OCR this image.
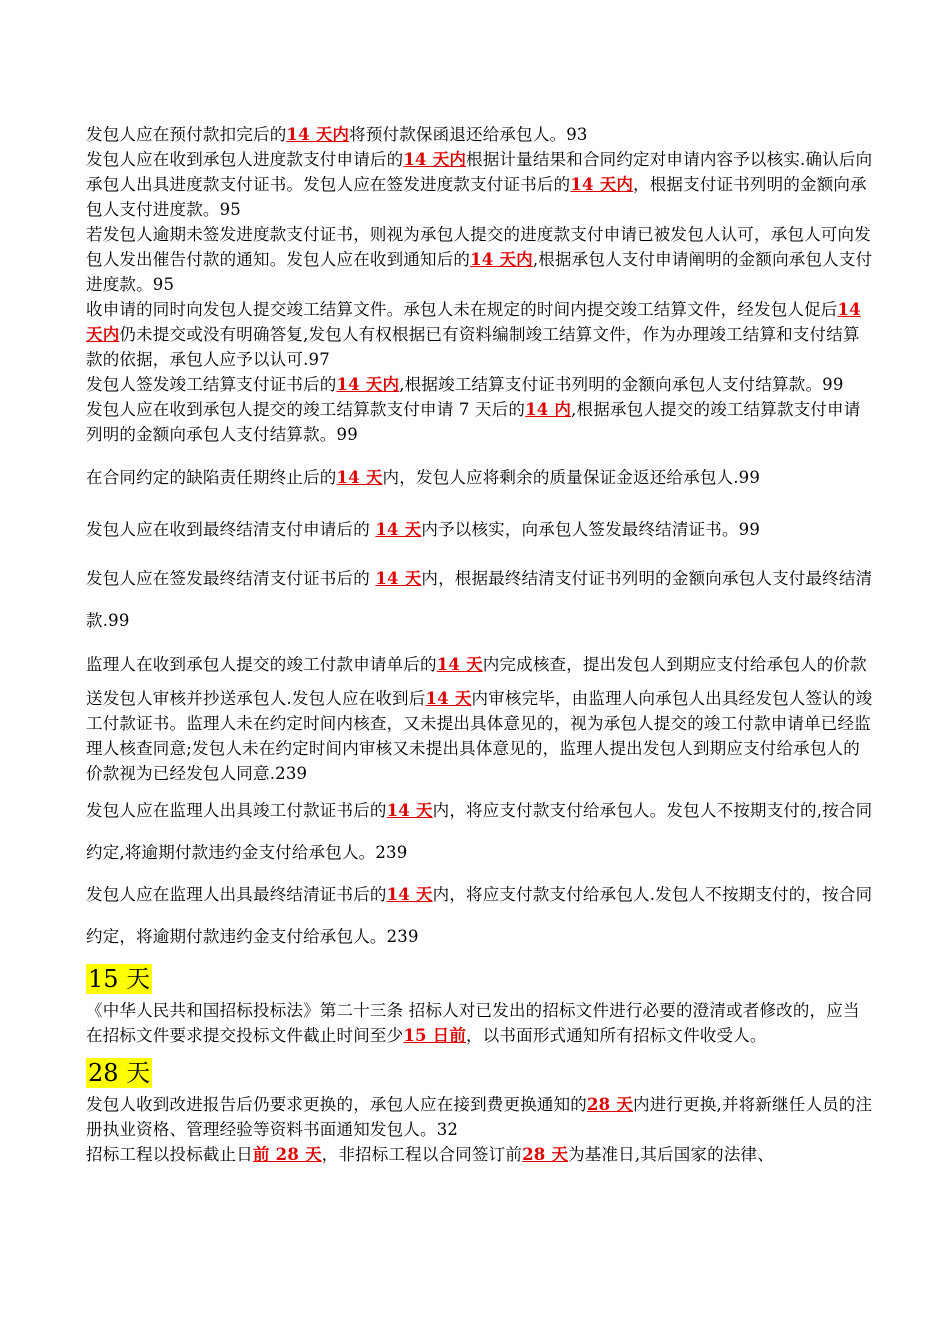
发包人应在预付款扣完后的14 天内将预付款保函退还给承包人。93

发包人应在收到承包人进度款支付申请后的14 天内根据计量结果和合同约定对申请内容予以核实.确认后向承包人出具进度款支付证书。发包人应在签发进度款支付证书后的14 天内，根据支付证书列明的金额向承包人支付进度款。95

若发包人逾期未签发进度款支付证书，则视为承包人提交的进度款支付申请已被发包人认可，承包人可向发包人发出催告付款的通知。发包人应在收到通知后的14 天内,根据承包人支付申请阐明的金额向承包人支付进度款。95

收申请的同时向发包人提交竣工结算文件。承包人未在规定的时间内提交竣工结算文件，经发包人促后14 天内仍未提交或没有明确答复,发包人有权根据已有资料编制竣工结算文件，作为办理竣工结算和支付结算款的依据，承包人应予以认可.97

发包人签发竣工结算支付证书后的14 天内,根据竣工结算支付证书列明的金额向承包人支付结算款。99

发包人应在收到承包人提交的竣工结算款支付申请 7 天后的14 内,根据承包人提交的竣工结算款支付申请列明的金额向承包人支付结算款。99

在合同约定的缺陷责任期终止后的14 天内，发包人应将剩余的质量保证金返还给承包人.99

发包人应在收到最终结清支付申请后的 14 天内予以核实，向承包人签发最终结清证书。99

发包人应在签发最终结清支付证书后的 14 天内，根据最终结清支付证书列明的金额向承包人支付最终结清款.99

监理人在收到承包人提交的竣工付款申请单后的14 天内完成核查，提出发包人到期应支付给承包人的价款送发包人审核并抄送承包人.发包人应在收到后14 天内审核完毕，由监理人向承包人出具经发包人签认的竣工付款证书。监理人未在约定时间内核查，又未提出具体意见的，视为承包人提交的竣工付款申请单已经监理人核查同意;发包人未在约定时间内审核又未提出具体意见的，监理人提出发包人到期应支付给承包人的价款视为已经发包人同意.239

发包人应在监理人出具竣工付款证书后的14 天内，将应支付款支付给承包人。发包人不按期支付的,按合同约定,将逾期付款违约金支付给承包人。239

发包人应在监理人出具最终结清证书后的14 天内，将应支付款支付给承包人.发包人不按期支付的，按合同约定，将逾期付款违约金支付给承包人。239

15 天

《中华人民共和国招标投标法》第二十三条 招标人对已发出的招标文件进行必要的澄清或者修改的，应当在招标文件要求提交投标文件截止时间至少15 日前，以书面形式通知所有招标文件收受人。

28 天

发包人收到改进报告后仍要求更换的，承包人应在接到费更换通知的28 天内进行更换,并将新继任人员的注册执业资格、管理经验等资料书面通知发包人。32

招标工程以投标截止日前 28 天，非招标工程以合同签订前28 天为基准日,其后国家的法律、
